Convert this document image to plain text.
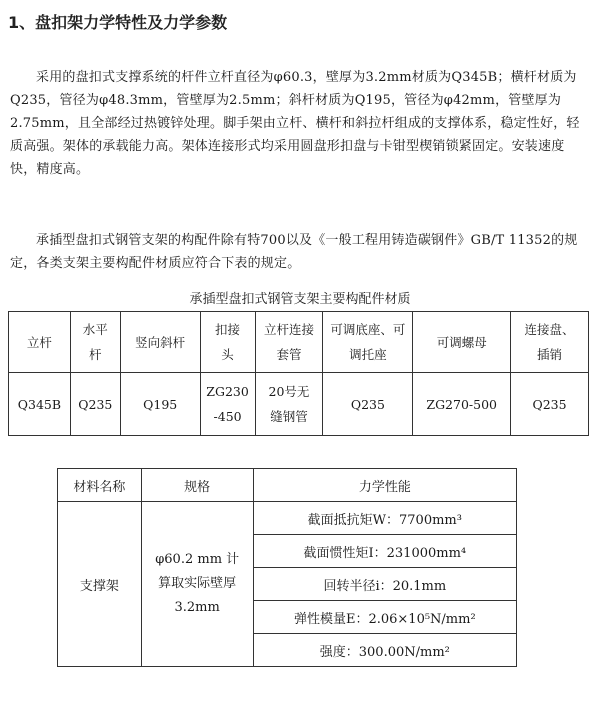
1、盘扣架力学特性及力学参数

采用的盘扣式支撑系统的杆件立杆直径为φ60.3，壁厚为3.2mm材质为Q345B；横杆材质为Q235，管径为φ48.3mm，管壁厚为2.5mm；斜杆材质为Q195，管径为φ42mm，管壁厚为2.75mm，且全部经过热镀锌处理。脚手架由立杆、横杆和斜拉杆组成的支撑体系，稳定性好，轻质高强。架体的承载能力高。架体连接形式均采用圆盘形扣盘与卡钳型楔销锁紧固定。安装速度快，精度高。

承插型盘扣式钢管支架的构配件除有特700以及《一般工程用铸造碳钢件》GB/T 11352的规定，各类支架主要构配件材质应符合下表的规定。

承插型盘扣式钢管支架主要构配件材质
立杆	水平杆	竖向斜杆	扣接头	立杆连接套管	可调底座、可调托座	可调螺母	连接盘、插销
Q345B	Q235	Q195	ZG230-450	20号无缝钢管	Q235	ZG270-500	Q235
材料名称	规格	力学性能
支撑架	φ60.2 mm 计算取实际壁厚3.2mm	截面抵抗矩W：7700mm³
		截面惯性矩I：231000mm⁴
		回转半径i：20.1mm
		弹性模量E：2.06×10⁵N/mm²
		强度：300.00N/mm²
